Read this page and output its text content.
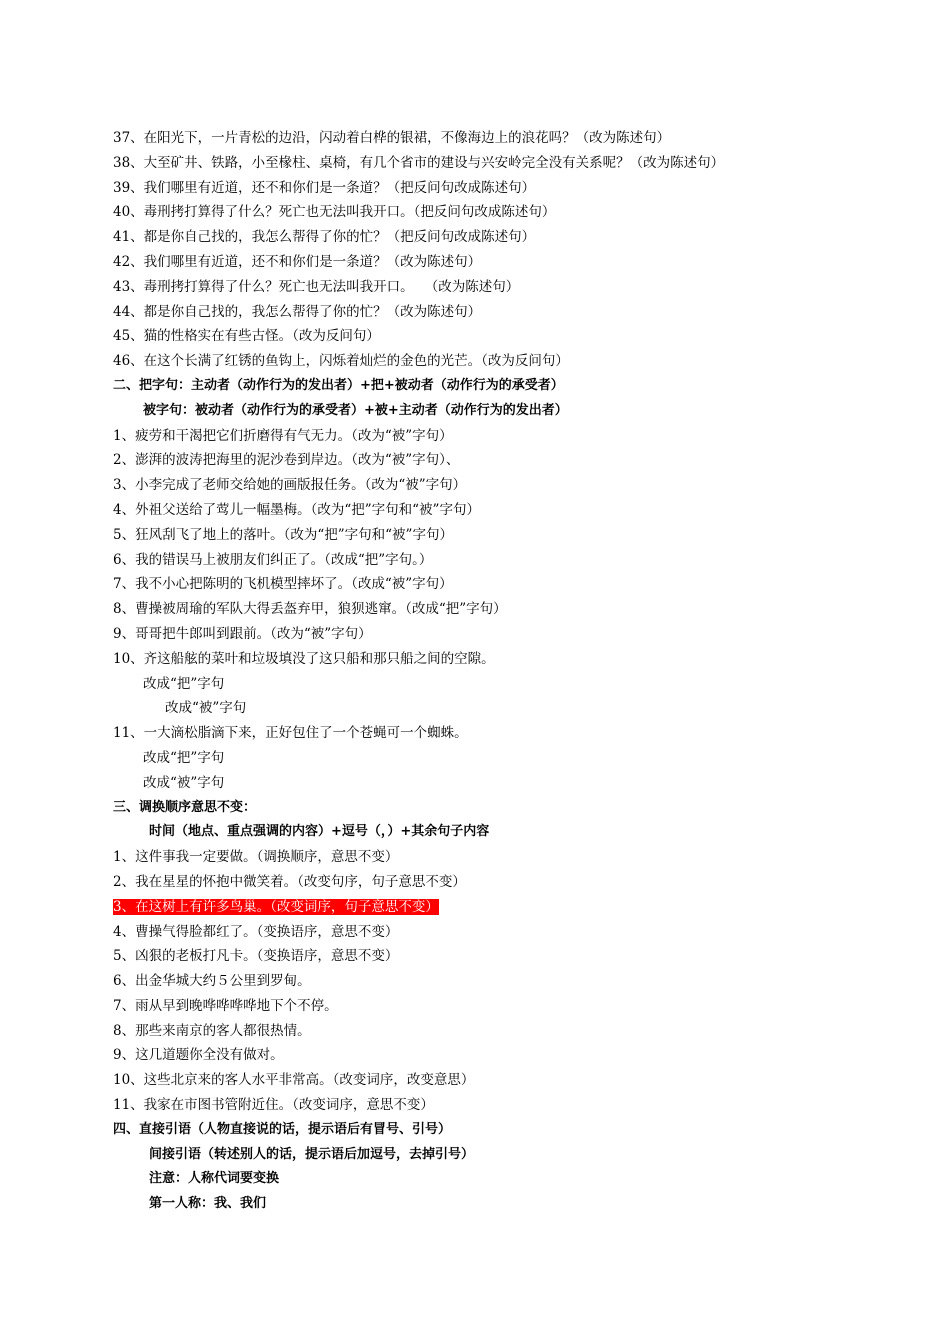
37、在阳光下，一片青松的边沿，闪动着白桦的银裙，不像海边上的浪花吗？（改为陈述句）
38、大至矿井、铁路，小至椽柱、桌椅，有几个省市的建设与兴安岭完全没有关系呢？（改为陈述句）
39、我们哪里有近道，还不和你们是一条道？（把反问句改成陈述句）
40、毒刑拷打算得了什么？死亡也无法叫我开口。（把反问句改成陈述句）
41、都是你自己找的，我怎么帮得了你的忙？（把反问句改成陈述句）
42、我们哪里有近道，还不和你们是一条道？（改为陈述句）
43、毒刑拷打算得了什么？死亡也无法叫我开口。　 （改为陈述句）
44、都是你自己找的，我怎么帮得了你的忙？（改为陈述句）
45、猫的性格实在有些古怪。（改为反问句）
46、在这个长满了红锈的鱼钩上，闪烁着灿烂的金色的光芒。（改为反问句）
二、把字句：主动者（动作行为的发出者）+把+被动者（动作行为的承受者）
被字句：被动者（动作行为的承受者）+被+主动者（动作行为的发出者）
1、疲劳和干渴把它们折磨得有气无力。（改为“被”字句）
2、澎湃的波涛把海里的泥沙卷到岸边。（改为“被”字句）、
3、小李完成了老师交给她的画版报任务。（改为“被”字句）
4、外祖父送给了莺儿一幅墨梅。（改为“把”字句和“被”字句）
5、狂风刮飞了地上的落叶。（改为“把”字句和“被”字句）
6、我的错误马上被朋友们纠正了。（改成“把”字句。）
7、我不小心把陈明的飞机模型摔坏了。（改成“被”字句）
8、曹操被周瑜的军队大得丢盔弃甲，狼狈逃窜。（改成“把”字句）
9、哥哥把牛郎叫到跟前。（改为“被”字句）
10、齐这船舷的菜叶和垃圾填没了这只船和那只船之间的空隙。
改成“把”字句
改成“被”字句
11、一大滴松脂滴下来，正好包住了一个苍蝇可一个蜘蛛。
改成“把”字句
改成“被”字句
三、调换顺序意思不变：
时间（地点、重点强调的内容）+逗号（，）+其余句子内容
1、这件事我一定要做。（调换顺序，意思不变）
2、我在星星的怀抱中微笑着。（改变句序，句子意思不变）
3、在这树上有许多鸟巢。（改变词序，句子意思不变）
4、曹操气得脸都红了。（变换语序，意思不变）
5、凶狠的老板打凡卡。（变换语序，意思不变）
6、出金华城大约５公里到罗甸。
7、雨从早到晚哗哗哗哗地下个不停。
8、那些来南京的客人都很热情。
9、这几道题你全没有做对。
10、这些北京来的客人水平非常高。（改变词序，改变意思）
11、我家在市图书管附近住。（改变词序，意思不变）
四、直接引语（人物直接说的话，提示语后有冒号、引号）
间接引语（转述别人的话，提示语后加逗号，去掉引号）
注意：人称代词要变换
第一人称：我、我们
